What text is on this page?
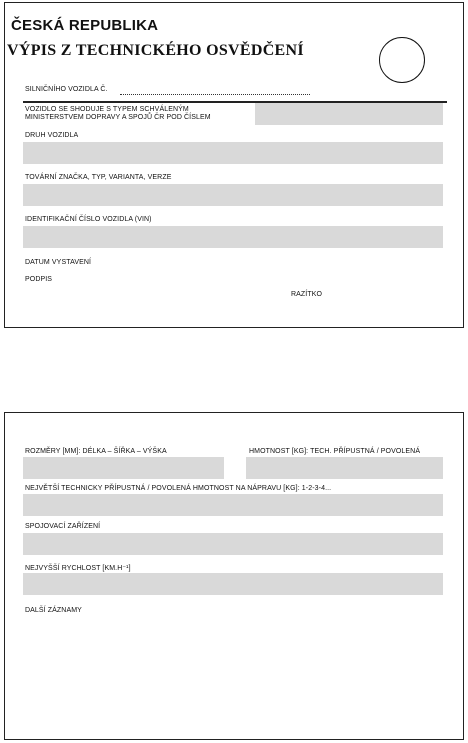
ČESKÁ REPUBLIKA
VÝPIS Z TECHNICKÉHO OSVĚDČENÍ
SILNIČNÍHO VOZIDLA Č.
VOZIDLO SE SHODUJE S TYPEM SCHVÁLENÝM
MINISTERSTVEM DOPRAVY A SPOJŮ ČR POD ČÍSLEM
DRUH VOZIDLA
TOVÁRNÍ ZNAČKA, TYP, VARIANTA, VERZE
IDENTIFIKAČNÍ ČÍSLO VOZIDLA (VIN)
DATUM VYSTAVENÍ
PODPIS
RAZÍTKO
ROZMĚRY [MM]: DÉLKA – ŠÍŘKA – VÝŠKA	HMOTNOST [KG]: TECH. PŘÍPUSTNÁ / POVOLENÁ
NEJVĚTŠÍ TECHNICKY PŘÍPUSTNÁ / POVOLENÁ HMOTNOST NA NÁPRAVU [KG]: 1-2-3-4...
SPOJOVACÍ ZAŘÍZENÍ
NEJVYŠŠÍ RYCHLOST [KM.H⁻¹]
DALŠÍ ZÁZNAMY
